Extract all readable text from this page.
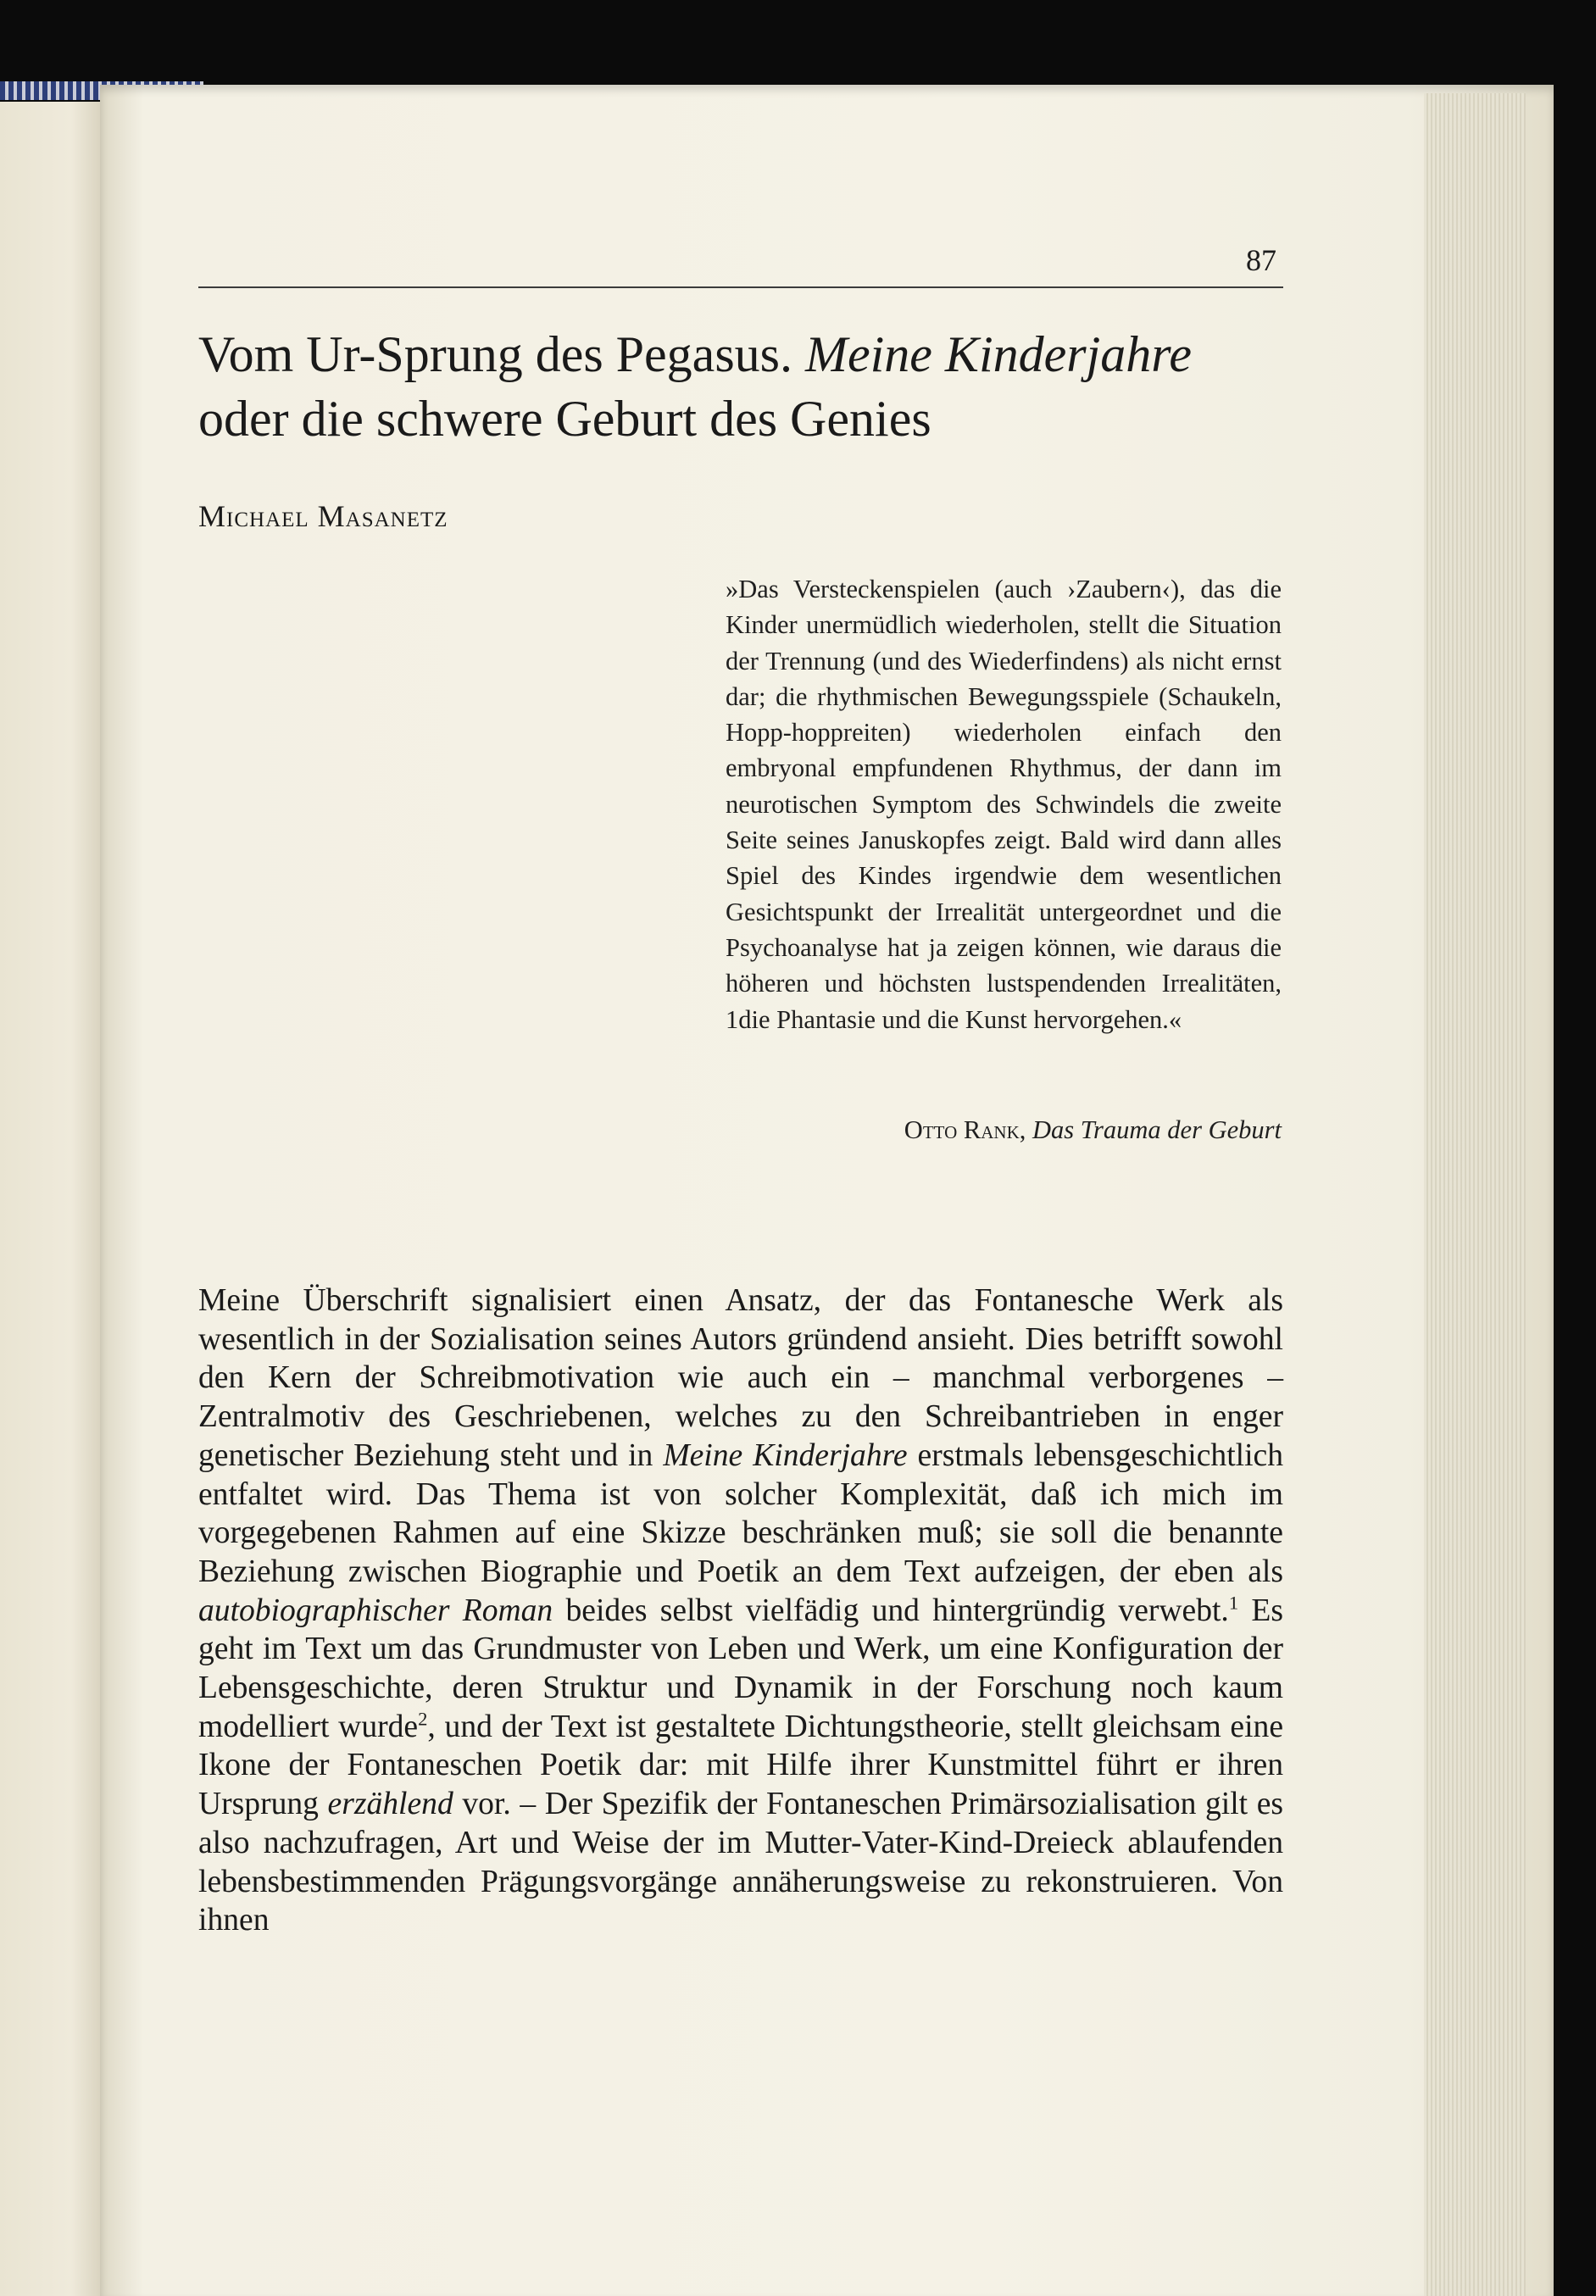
87
Vom Ur-Sprung des Pegasus. Meine Kinderjahre oder die schwere Geburt des Genies
Michael Masanetz

»Das Versteckenspielen (auch ›Zaubern‹), das die Kinder unermüdlich wiederholen, stellt die Situation der Trennung (und des Wiederfindens) als nicht ernst dar; die rhythmischen Bewegungsspiele (Schaukeln, Hopp-hoppreiten) wiederholen einfach den embryonal empfundenen Rhythmus, der dann im neurotischen Symptom des Schwindels die zweite Seite seines Januskopfes zeigt. Bald wird dann alles Spiel des Kindes irgendwie dem wesentlichen Gesichtspunkt der Irrealität untergeordnet und die Psychoanalyse hat ja zeigen können, wie daraus die höheren und höchsten lustspendenden Irrealitäten, 1die Phantasie und die Kunst hervorgehen.«

Otto Rank, Das Trauma der Geburt

Meine Überschrift signalisiert einen Ansatz, der das Fontanesche Werk als wesentlich in der Sozialisation seines Autors gründend ansieht. Dies betrifft sowohl den Kern der Schreibmotivation wie auch ein – manchmal verborgenes – Zentralmotiv des Geschriebenen, welches zu den Schreibantrieben in enger genetischer Beziehung steht und in Meine Kinderjahre erstmals lebensgeschichtlich entfaltet wird. Das Thema ist von solcher Komplexität, daß ich mich im vorgegebenen Rahmen auf eine Skizze beschränken muß; sie soll die benannte Beziehung zwischen Biographie und Poetik an dem Text aufzeigen, der eben als autobiographischer Roman beides selbst vielfädig und hintergründig verwebt.$^1$ Es geht im Text um das Grundmuster von Leben und Werk, um eine Konfiguration der Lebensgeschichte, deren Struktur und Dynamik in der Forschung noch kaum modelliert wurde$^2$, und der Text ist gestaltete Dichtungstheorie, stellt gleichsam eine Ikone der Fontaneschen Poetik dar: mit Hilfe ihrer Kunstmittel führt er ihren Ursprung erzählend vor. – Der Spezifik der Fontaneschen Primärsozialisation gilt es also nachzufragen, Art und Weise der im Mutter-Vater-Kind-Dreieck ablaufenden lebensbestimmenden Prägungsvorgänge annäherungsweise zu rekonstruieren. Von ihnen
